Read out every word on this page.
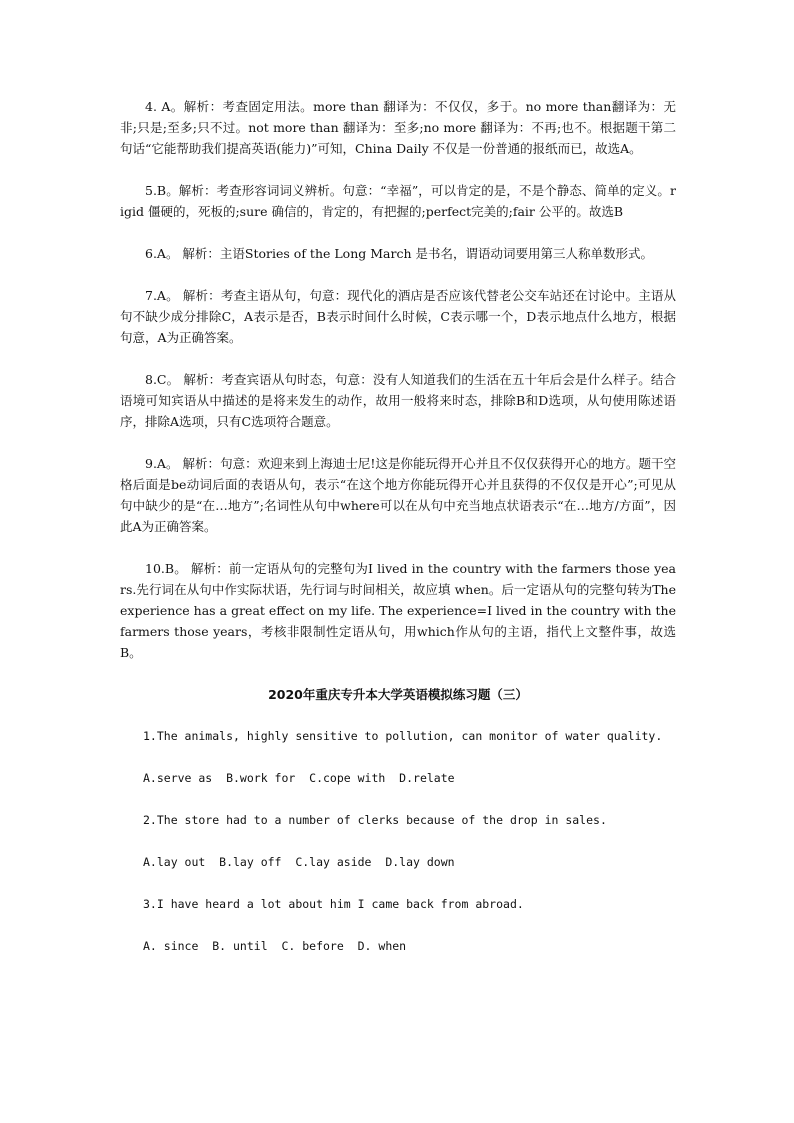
4. A。解析：考查固定用法。more than 翻译为：不仅仅，多于。no more than翻译为：无非;只是;至多;只不过。not more than 翻译为：至多;no more 翻译为：不再;也不。根据题干第二句话“它能帮助我们提高英语(能力)”可知，China Daily 不仅是一份普通的报纸而已，故选A。

5.B。解析：考查形容词词义辨析。句意：“幸福”，可以肯定的是，不是个静态、简单的定义。rigid 僵硬的，死板的;sure 确信的，肯定的，有把握的;perfect完美的;fair 公平的。故选B

6.A。 解析：主语Stories of the Long March 是书名，谓语动词要用第三人称单数形式。

7.A。 解析：考查主语从句，句意：现代化的酒店是否应该代替老公交车站还在讨论中。主语从句不缺少成分排除C，A表示是否，B表示时间什么时候，C表示哪一个，D表示地点什么地方，根据句意，A为正确答案。

8.C。 解析：考查宾语从句时态，句意：没有人知道我们的生活在五十年后会是什么样子。结合语境可知宾语从中描述的是将来发生的动作，故用一般将来时态，排除B和D选项，从句使用陈述语序，排除A选项，只有C选项符合题意。

9.A。 解析：句意：欢迎来到上海迪士尼!这是你能玩得开心并且不仅仅获得开心的地方。题干空格后面是be动词后面的表语从句，表示“在这个地方你能玩得开心并且获得的不仅仅是开心”;可见从句中缺少的是“在…地方”;名词性从句中where可以在从句中充当地点状语表示“在…地方/方面”，因此A为正确答案。

10.B。 解析：前一定语从句的完整句为I lived in the country with the farmers those years.先行词在从句中作实际状语，先行词与时间相关，故应填 when。后一定语从句的完整句转为The experience has a great effect on my life. The experience=I lived in the country with the farmers those years，考核非限制性定语从句，用which作从句的主语，指代上文整件事，故选B。

2020年重庆专升本大学英语模拟练习题（三）

1.The animals, highly sensitive to pollution, can monitor of water quality.

A.serve as  B.work for  C.cope with  D.relate

2.The store had to a number of clerks because of the drop in sales.

A.lay out  B.lay off  C.lay aside  D.lay down

3.I have heard a lot about him I came back from abroad.

A. since  B. until  C. before  D. when
